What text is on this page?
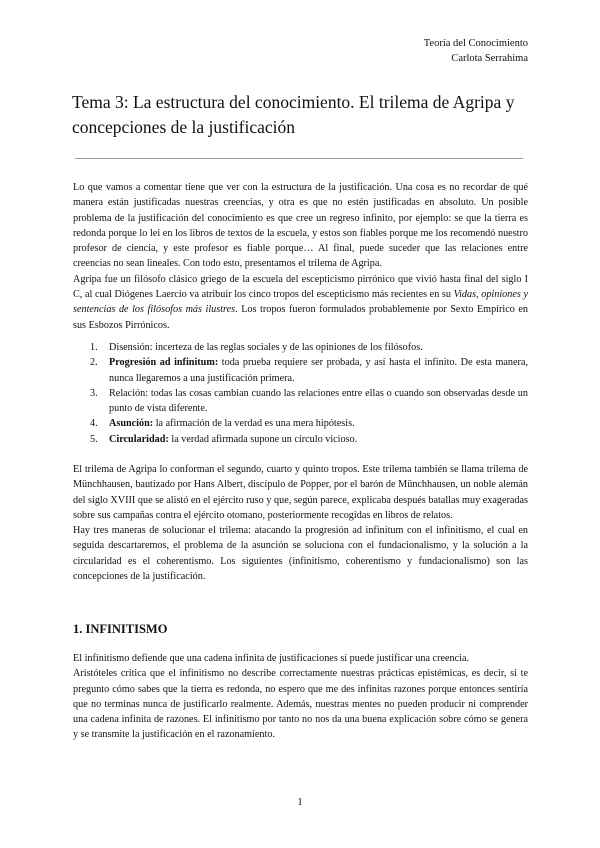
Teoría del Conocimiento
Carlota Serrahima
Tema 3: La estructura del conocimiento. El trilema de Agripa y concepciones de la justificación

Lo que vamos a comentar tiene que ver con la estructura de la justificación. Una cosa es no recordar de qué manera están justificadas nuestras creencias, y otra es que no estén justificadas en absoluto. Un posible problema de la justificación del conocimiento es que cree un regreso infinito, por ejemplo: se que la tierra es redonda porque lo leí en los libros de textos de la escuela, y estos son fiables porque me los recomendó nuestro profesor de ciencia, y este profesor es fiable porque… Al final, puede suceder que las relaciones entre creencias no sean lineales. Con todo esto, presentamos el trilema de Agripa.

Agripa fue un filósofo clásico griego de la escuela del escepticismo pirrónico que vivió hasta final del siglo I C, al cual Diógenes Laercio va atribuir los cinco tropos del escepticismo más recientes en su Vidas, opiniones y sentencias de los filósofos más ilustres. Los tropos fueron formulados probablemente por Sexto Empírico en sus Esbozos Pirrónicos.

1. Disensión: incerteza de las reglas sociales y de las opiniones de los filósofos.
2. Progresión ad infinitum: toda prueba requiere ser probada, y así hasta el infinito. De esta manera, nunca llegaremos a una justificación primera.
3. Relación: todas las cosas cambian cuando las relaciones entre ellas o cuando son observadas desde un punto de vista diferente.
4. Asunción: la afirmación de la verdad es una mera hipótesis.
5. Circularidad: la verdad afirmada supone un círculo vicioso.

El trilema de Agripa lo conforman el segundo, cuarto y quinto tropos. Este trilema también se llama trilema de Münchhausen, bautizado por Hans Albert, discípulo de Popper, por el barón de Münchhausen, un noble alemán del siglo XVIII que se alistó en el ejército ruso y que, según parece, explicaba después batallas muy exageradas sobre sus campañas contra el ejército otomano, posteriormente recogidas en libros de relatos.

Hay tres maneras de solucionar el trilema: atacando la progresión ad infinitum con el infinitismo, el cual en seguida descartaremos, el problema de la asunción se soluciona con el fundacionalismo, y la solución a la circularidad es el coherentismo. Los siguientes (infinitismo, coherentismo y fundacionalismo) son las concepciones de la justificación.

1. INFINITISMO

El infinitismo defiende que una cadena infinita de justificaciones sí puede justificar una creencia.

Aristóteles critica que el infinitismo no describe correctamente nuestras prácticas epistémicas, es decir, si te pregunto cómo sabes que la tierra es redonda, no espero que me des infinitas razones porque entonces sentiría que no terminas nunca de justificarlo realmente. Además, nuestras mentes no pueden producir ni comprender una cadena infinita de razones. El infinitismo por tanto no nos da una buena explicación sobre cómo se genera y se transmite la justificación en el razonamiento.

1
